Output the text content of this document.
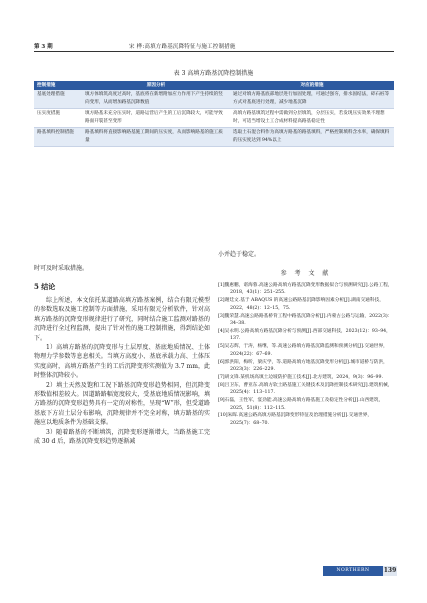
第 3 期	宋 桦:高填方路基沉降特征与施工控制措施
表 3 高填方路基沉降控制措施
控制措施	原因分析	对应的措施
基底处理措施	填方体填筑高度过高时，基底将在新增附加应力作用下产生持续的竖向变形，从而增加路基沉降数值	通过对填方路基底部地层进行加固处理，可通过强夯，排水固结法，碎石桩等方式对基底进行处理，减少地基沉降
压实度措施	填方路基未充分压实时，道路运营后产生的工后沉降较大，可能导致路面开裂甚至变形	高填方路基填筑过程中需做到分层填筑，分层压实，若发现压实效果不理想时，可适当增设土工合成材料提高路基稳定性
路基填料控制措施	路基填料将直接影响路基施工期间的压实度，从而影响路基的施工质量	选取土石混合料作为高填方路基的路基填料，严格控制填料含水率，确保填料的压实度达到 94%以上

时可及时采取措施。

5 结论

综上所述，本文依托某道路高填方路基案例，结合有限元模型的参数选取及施工控制等方面措施，采用有限元分析软件，针对高填方路基的沉降变形规律进行了研究，同时结合施工监测对路基的沉降进行全过程监测，提出了针对性的施工控制措施，得到结论如下。

1）高填方路基的沉降变形与土层厚度、基底地质情况、土体物理力学参数等息息相关。当填方高度小、基底承载力高、土体压实度高时，高填方路基产生的工后沉降变形实测值为 3.7 mm，此时整体沉降较小。

2）填土天然及饱和工况下路基沉降变形趋势相同，但沉降变形数值相差较大。因道路路幅宽度较大，受基底地质情况影响，填方路基的沉降变形趋势具有一定的对称性，呈现“W”形，但受道路基底下方岩土层分布影响，沉降规律并不完全对称，填方路基的实施应以地质条件为基础支撑。

3）随着路基的不断填筑，沉降变形逐渐增大，当路基施工完成 30 d 后，路基沉降变形趋势逐渐减

小并趋于稳定。

参 考 文 献

[1]魏惠鹏，谌海蓉.高速公路高填方路基沉降变形数据拟合与预测研究[J].公路工程，2018，43(1)：251–255.

[2]谢廷文.基于 ABAQUS 的高速公路路基沉降影响因素分析[J].湖南交通科技，2022，48(2)：12–15，75.

[3]魏荣慧.高速公路路基桥背工程中路基沉降分析[J].内蒙古公路与运输，2022(3)：34–38.

[4]吴永明.公路高填方路基沉降分析与预测[J].西部交通科技，2023(12)：93–94，137.

[5]吴志辉，于涛，杨继，等.高速公路填方路基沉降监测和预测分析[J].交通世界，2024(22)：67–69.

[6]郭洪阳，梅昕，梁庆学，等.道路高填方地基沉降变形分析[J].城市道桥与防洪，2023(3)：226–229.

[7]胡文锋.某机场高填土边坡防护施工技术[J].北方建筑，2024，9(3)：96–99.

[8]吕卫东，曹亚东.高填方软土路基施工关键技术及沉降控制技术研究[J].建筑机械，2025(4)：113–117.

[9]石磊，王性军，宴劲能.高速公路高填方路基施工及稳定性分析[J].山西建筑，2025，51(8)：112–115.

[10]朱晖.高速公路高填方路基沉降变形特征及治理措施分析[J].交通世界，2025(7)：68–70.

NORTHERN BUILDING
139
